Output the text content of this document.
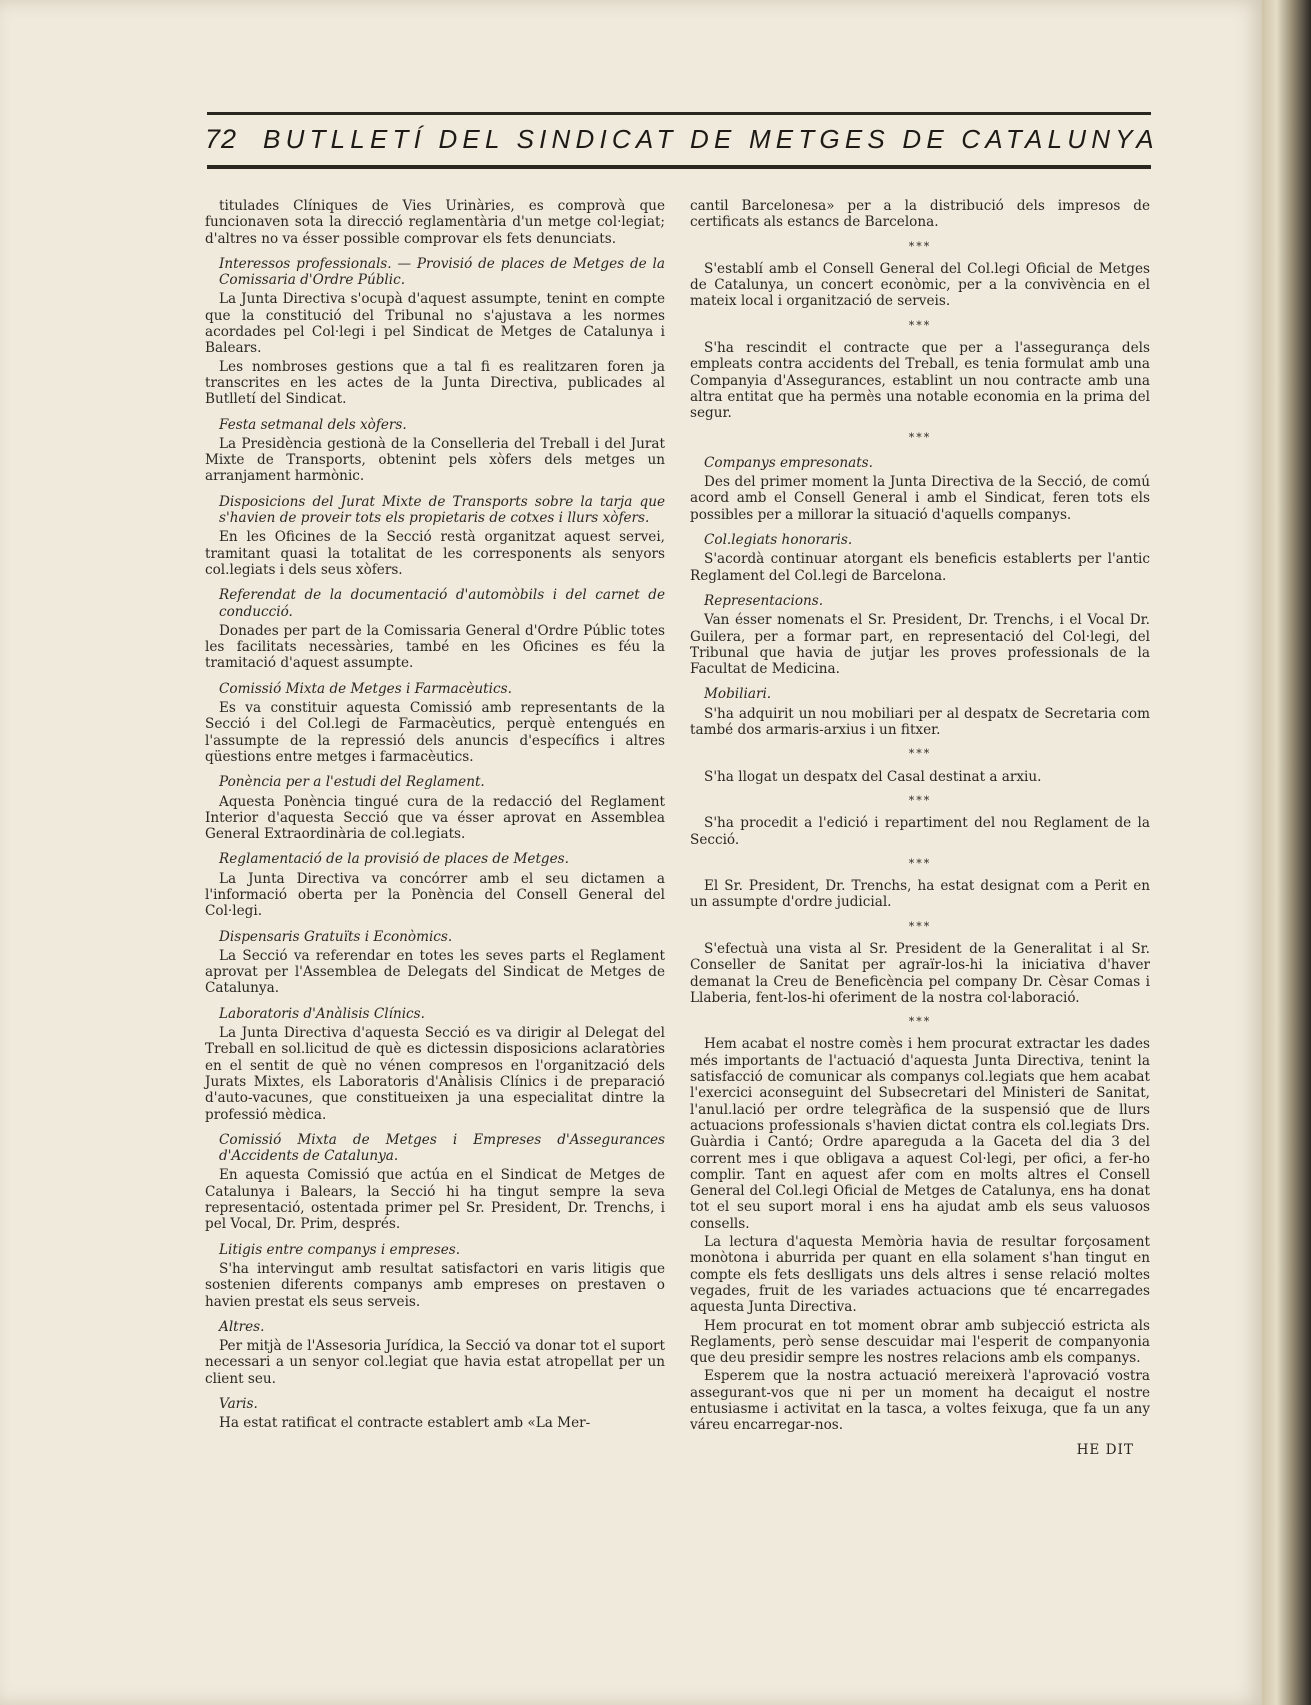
72 BUTLLETÍ DEL SINDICAT DE METGES DE CATALUNYA

titulades Clíniques de Vies Urinàries, es comprovà que funcionaven sota la direcció reglamentària d'un metge col·legiat; d'altres no va ésser possible comprovar els fets denunciats.

Interessos professionals. — Provisió de places de Metges de la Comissaria d'Ordre Públic.

La Junta Directiva s'ocupà d'aquest assumpte, tenint en compte que la constitució del Tribunal no s'ajustava a les normes acordades pel Col·legi i pel Sindicat de Metges de Catalunya i Balears.

Les nombroses gestions que a tal fi es realitzaren foren ja transcrites en les actes de la Junta Directiva, publicades al Butlletí del Sindicat.

Festa setmanal dels xòfers.

La Presidència gestionà de la Conselleria del Treball i del Jurat Mixte de Transports, obtenint pels xòfers dels metges un arranjament harmònic.

Disposicions del Jurat Mixte de Transports sobre la tarja que s'havien de proveir tots els propietaris de cotxes i llurs xòfers.

En les Oficines de la Secció restà organitzat aquest servei, tramitant quasi la totalitat de les corresponents als senyors col.legiats i dels seus xòfers.

Referendat de la documentació d'automòbils i del carnet de conducció.

Donades per part de la Comissaria General d'Ordre Públic totes les facilitats necessàries, també en les Oficines es féu la tramitació d'aquest assumpte.

Comissió Mixta de Metges i Farmacèutics.

Es va constituir aquesta Comissió amb representants de la Secció i del Col.legi de Farmacèutics, perquè entengués en l'assumpte de la repressió dels anuncis d'específics i altres qüestions entre metges i farmacèutics.

Ponència per a l'estudi del Reglament.

Aquesta Ponència tingué cura de la redacció del Reglament Interior d'aquesta Secció que va ésser aprovat en Assemblea General Extraordinària de col.legiats.

Reglamentació de la provisió de places de Metges.

La Junta Directiva va concórrer amb el seu dictamen a l'informació oberta per la Ponència del Consell General del Col·legi.

Dispensaris Gratuïts i Econòmics.

La Secció va referendar en totes les seves parts el Reglament aprovat per l'Assemblea de Delegats del Sindicat de Metges de Catalunya.

Laboratoris d'Anàlisis Clínics.

La Junta Directiva d'aquesta Secció es va dirigir al Delegat del Treball en sol.licitud de què es dictessin disposicions aclaratòries en el sentit de què no vénen compresos en l'organització dels Jurats Mixtes, els Laboratoris d'Anàlisis Clínics i de preparació d'auto-vacunes, que constitueixen ja una especialitat dintre la professió mèdica.

Comissió Mixta de Metges i Empreses d'Assegurances d'Accidents de Catalunya.

En aquesta Comissió que actúa en el Sindicat de Metges de Catalunya i Balears, la Secció hi ha tingut sempre la seva representació, ostentada primer pel Sr. President, Dr. Trenchs, i pel Vocal, Dr. Prim, després.

Litigis entre companys i empreses.

S'ha intervingut amb resultat satisfactori en varis litigis que sostenien diferents companys amb empreses on prestaven o havien prestat els seus serveis.

Altres.

Per mitjà de l'Assesoria Jurídica, la Secció va donar tot el suport necessari a un senyor col.legiat que havia estat atropellat per un client seu.

Varis.

Ha estat ratificat el contracte establert amb «La Mer-

cantil Barcelonesa» per a la distribució dels impresos de certificats als estancs de Barcelona.

***

S'establí amb el Consell General del Col.legi Oficial de Metges de Catalunya, un concert econòmic, per a la convivència en el mateix local i organització de serveis.

***

S'ha rescindit el contracte que per a l'assegurança dels empleats contra accidents del Treball, es tenia formulat amb una Companyia d'Assegurances, establint un nou contracte amb una altra entitat que ha permès una notable economia en la prima del segur.

***

Companys empresonats.

Des del primer moment la Junta Directiva de la Secció, de comú acord amb el Consell General i amb el Sindicat, feren tots els possibles per a millorar la situació d'aquells companys.

Col.legiats honoraris.

S'acordà continuar atorgant els beneficis establerts per l'antic Reglament del Col.legi de Barcelona.

Representacions.

Van ésser nomenats el Sr. President, Dr. Trenchs, i el Vocal Dr. Guilera, per a formar part, en representació del Col·legi, del Tribunal que havia de jutjar les proves professionals de la Facultat de Medicina.

Mobiliari.

S'ha adquirit un nou mobiliari per al despatx de Secretaria com també dos armaris-arxius i un fitxer.

***

S'ha llogat un despatx del Casal destinat a arxiu.

***

S'ha procedit a l'edició i repartiment del nou Reglament de la Secció.

***

El Sr. President, Dr. Trenchs, ha estat designat com a Perit en un assumpte d'ordre judicial.

***

S'efectuà una vista al Sr. President de la Generalitat i al Sr. Conseller de Sanitat per agraïr-los-hi la iniciativa d'haver demanat la Creu de Beneficència pel company Dr. Cèsar Comas i Llaberia, fent-los-hi oferiment de la nostra col·laboració.

***

Hem acabat el nostre comès i hem procurat extractar les dades més importants de l'actuació d'aquesta Junta Directiva, tenint la satisfacció de comunicar als companys col.legiats que hem acabat l'exercici aconseguint del Subsecretari del Ministeri de Sanitat, l'anul.lació per ordre telegràfica de la suspensió que de llurs actuacions professionals s'havien dictat contra els col.legiats Drs. Guàrdia i Cantó; Ordre apareguda a la Gaceta del dia 3 del corrent mes i que obligava a aquest Col·legi, per ofici, a fer-ho complir. Tant en aquest afer com en molts altres el Consell General del Col.legi Oficial de Metges de Catalunya, ens ha donat tot el seu suport moral i ens ha ajudat amb els seus valuosos consells.

La lectura d'aquesta Memòria havia de resultar forçosament monòtona i aburrida per quant en ella solament s'han tingut en compte els fets deslligats uns dels altres i sense relació moltes vegades, fruit de les variades actuacions que té encarregades aquesta Junta Directiva.

Hem procurat en tot moment obrar amb subjecció estricta als Reglaments, però sense descuidar mai l'esperit de companyonia que deu presidir sempre les nostres relacions amb els companys.

Esperem que la nostra actuació mereixerà l'aprovació vostra assegurant-vos que ni per un moment ha decaigut el nostre entusiasme i activitat en la tasca, a voltes feixuga, que fa un any váreu encarregar-nos.

HE DIT
